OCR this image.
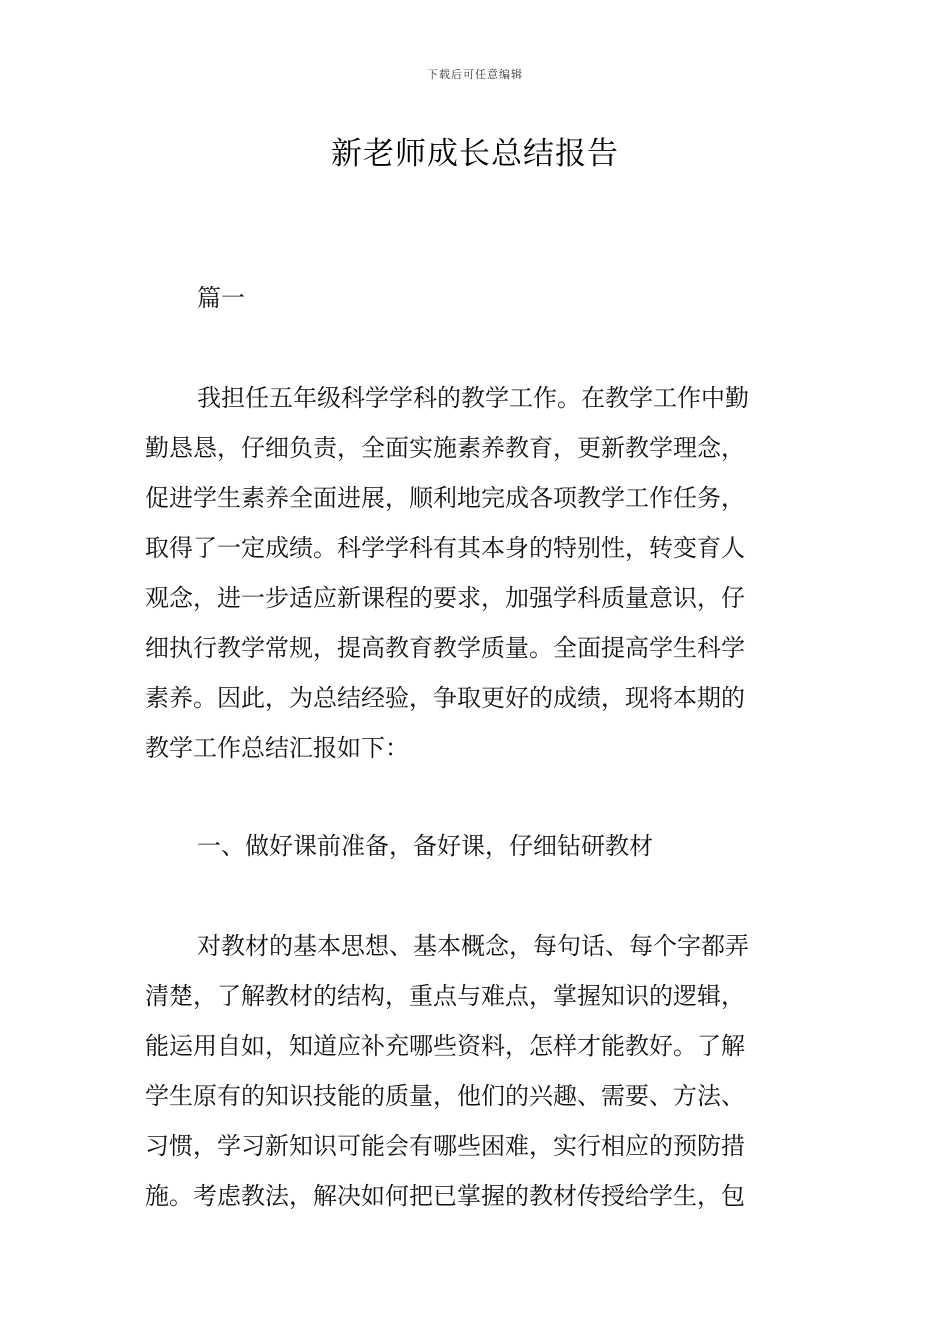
下载后可任意编辑
新老师成长总结报告

篇一

我担任五年级科学学科的教学工作。在教学工作中勤
勤恳恳，仔细负责，全面实施素养教育，更新教学理念，
促进学生素养全面进展，顺利地完成各项教学工作任务，
取得了一定成绩。科学学科有其本身的特别性，转变育人
观念，进一步适应新课程的要求，加强学科质量意识，仔
细执行教学常规，提高教育教学质量。全面提高学生科学
素养。因此，为总结经验，争取更好的成绩，现将本期的
教学工作总结汇报如下：

一、做好课前准备，备好课，仔细钻研教材

对教材的基本思想、基本概念，每句话、每个字都弄
清楚，了解教材的结构，重点与难点，掌握知识的逻辑，
能运用自如，知道应补充哪些资料，怎样才能教好。了解
学生原有的知识技能的质量，他们的兴趣、需要、方法、
习惯，学习新知识可能会有哪些困难，实行相应的预防措
施。考虑教法，解决如何把已掌握的教材传授给学生，包
